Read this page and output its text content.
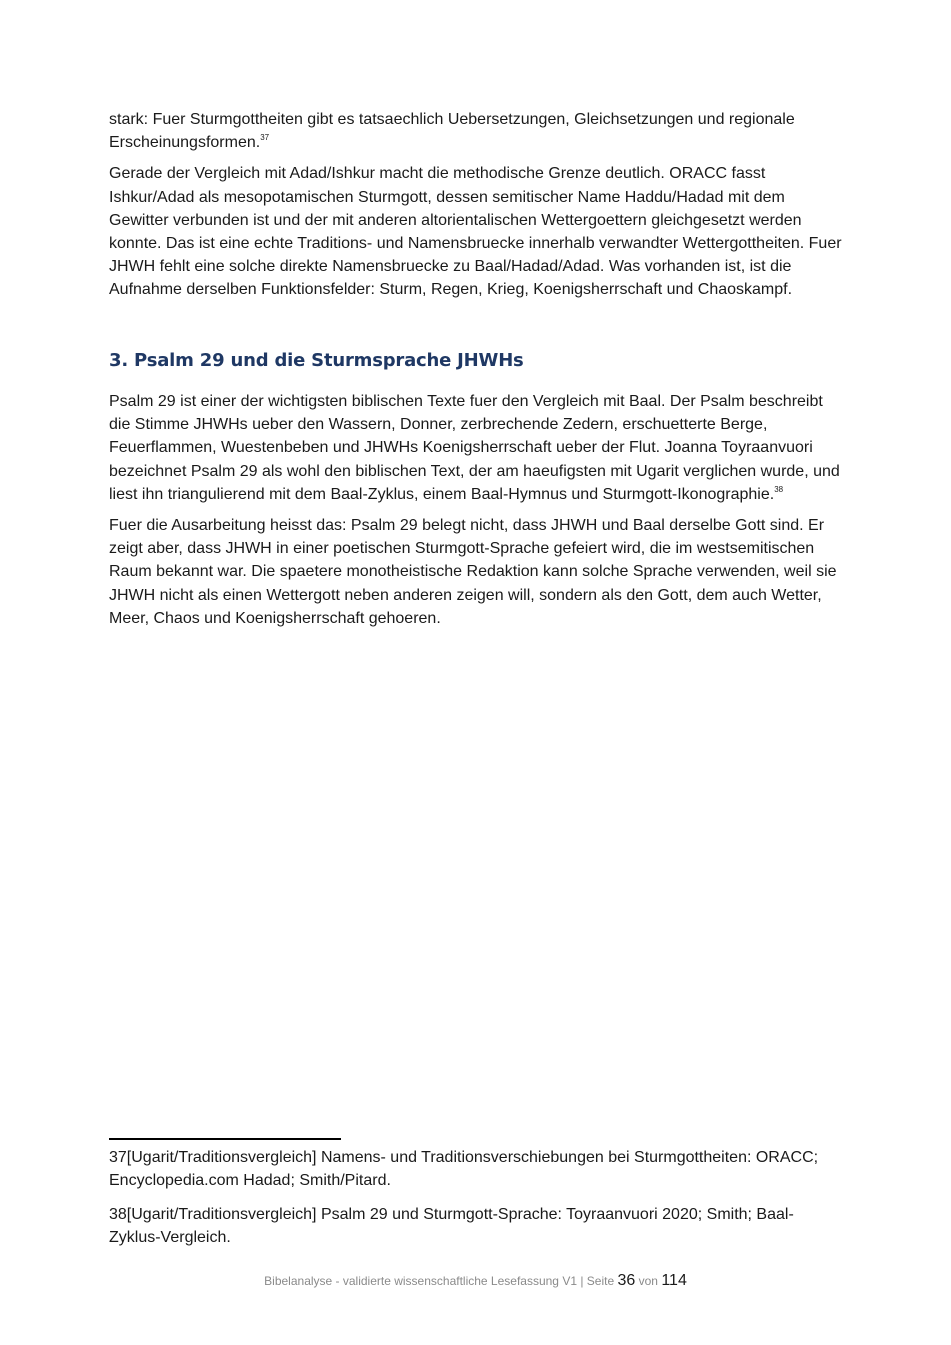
stark: Fuer Sturmgottheiten gibt es tatsaechlich Uebersetzungen, Gleichsetzungen und regionale Erscheinungsformen.$^{37}$

Gerade der Vergleich mit Adad/Ishkur macht die methodische Grenze deutlich. ORACC fasst Ishkur/Adad als mesopotamischen Sturmgott, dessen semitischer Name Haddu/Hadad mit dem Gewitter verbunden ist und der mit anderen altorientalischen Wettergoettern gleichgesetzt werden konnte. Das ist eine echte Traditions- und Namensbruecke innerhalb verwandter Wettergottheiten. Fuer JHWH fehlt eine solche direkte Namensbruecke zu Baal/Hadad/Adad. Was vorhanden ist, ist die Aufnahme derselben Funktionsfelder: Sturm, Regen, Krieg, Koenigsherrschaft und Chaoskampf.

3. Psalm 29 und die Sturmsprache JHWHs

Psalm 29 ist einer der wichtigsten biblischen Texte fuer den Vergleich mit Baal. Der Psalm beschreibt die Stimme JHWHs ueber den Wassern, Donner, zerbrechende Zedern, erschuetterte Berge, Feuerflammen, Wuestenbeben und JHWHs Koenigsherrschaft ueber der Flut. Joanna Toyraanvuori bezeichnet Psalm 29 als wohl den biblischen Text, der am haeufigsten mit Ugarit verglichen wurde, und liest ihn triangulierend mit dem Baal-Zyklus, einem Baal-Hymnus und Sturmgott-Ikonographie.$^{38}$

Fuer die Ausarbeitung heisst das: Psalm 29 belegt nicht, dass JHWH und Baal derselbe Gott sind. Er zeigt aber, dass JHWH in einer poetischen Sturmgott-Sprache gefeiert wird, die im westsemitischen Raum bekannt war. Die spaetere monotheistische Redaktion kann solche Sprache verwenden, weil sie JHWH nicht als einen Wettergott neben anderen zeigen will, sondern als den Gott, dem auch Wetter, Meer, Chaos und Koenigsherrschaft gehoeren.

37[Ugarit/Traditionsvergleich] Namens- und Traditionsverschiebungen bei Sturmgottheiten: ORACC; Encyclopedia.com Hadad; Smith/Pitard.

38[Ugarit/Traditionsvergleich] Psalm 29 und Sturmgott-Sprache: Toyraanvuori 2020; Smith; Baal-Zyklus-Vergleich.

Bibelanalyse - validierte wissenschaftliche Lesefassung V1 | Seite 36 von 114
